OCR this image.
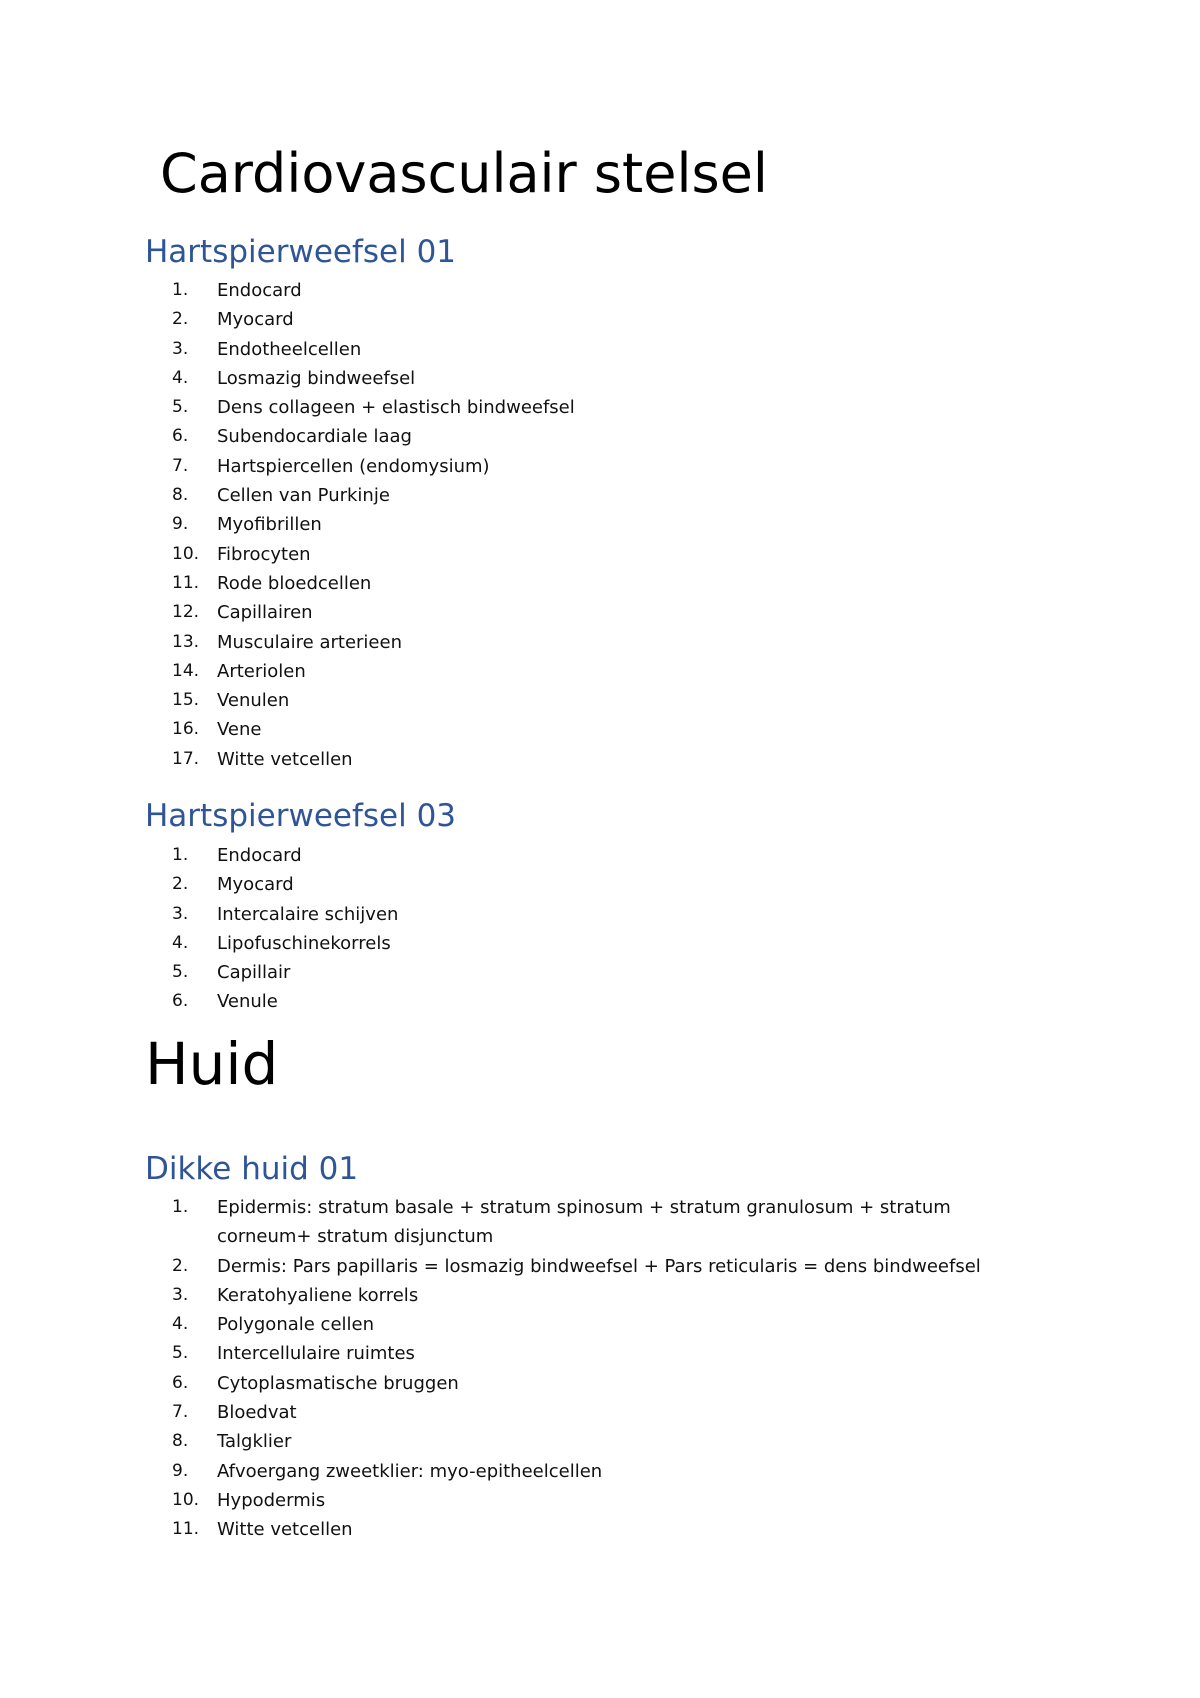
Cardiovasculair stelsel
Hartspierweefsel 01
1.	Endocard
2.	Myocard
3.	Endotheelcellen
4.	Losmazig bindweefsel
5.	Dens collageen + elastisch bindweefsel
6.	Subendocardiale laag
7.	Hartspiercellen (endomysium)
8.	Cellen van Purkinje
9.	Myofibrillen
10. Fibrocyten
11. Rode bloedcellen
12. Capillairen
13. Musculaire arterieen
14. Arteriolen
15. Venulen
16. Vene
17. Witte vetcellen
Hartspierweefsel 03
1.	Endocard
2.	Myocard
3.	Intercalaire schijven
4.	Lipofuschinekorrels
5.	Capillair
6.	Venule
Huid
Dikke huid 01
1.	Epidermis: stratum basale + stratum spinosum + stratum granulosum + stratum corneum+ stratum disjunctum
2.	Dermis: Pars papillaris = losmazig bindweefsel + Pars reticularis = dens bindweefsel
3.	Keratohyaliene korrels
4.	Polygonale cellen
5.	Intercellulaire ruimtes
6.	Cytoplasmatische bruggen
7.	Bloedvat
8.	Talgklier
9.	Afvoergang zweetklier: myo-epitheelcellen
10. Hypodermis
11. Witte vetcellen
